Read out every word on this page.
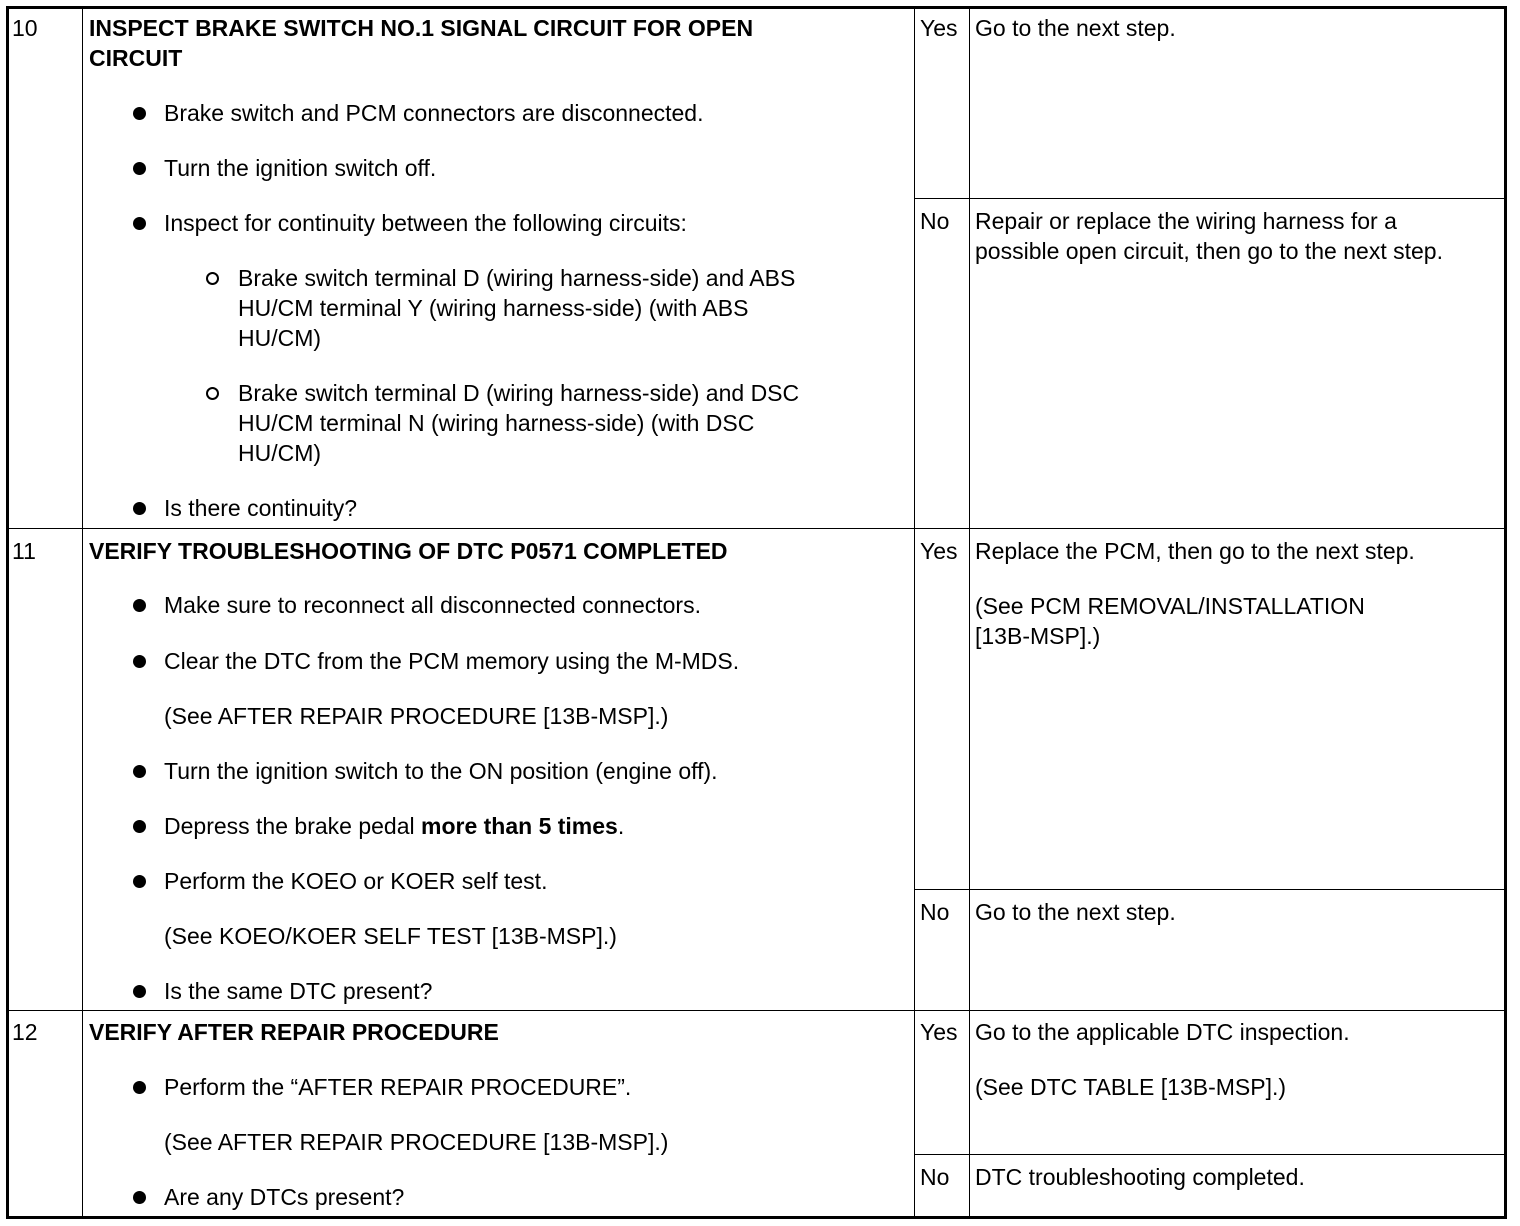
10 INSPECT BRAKE SWITCH NO.1 SIGNAL CIRCUIT FOR OPEN
CIRCUIT
Brake switch and PCM connectors are disconnected.
Turn the ignition switch off.
Inspect for continuity between the following circuits:
Brake switch terminal D (wiring harness-side) and ABS
HU/CM terminal Y (wiring harness-side) (with ABS
HU/CM)
Brake switch terminal D (wiring harness-side) and DSC
HU/CM terminal N (wiring harness-side) (with DSC
HU/CM)
Is there continuity?
Yes Go to the next step.
No Repair or replace the wiring harness for a
possible open circuit, then go to the next step.
11 VERIFY TROUBLESHOOTING OF DTC P0571 COMPLETED
Make sure to reconnect all disconnected connectors.
Clear the DTC from the PCM memory using the M-MDS.
(See AFTER REPAIR PROCEDURE [13B-MSP].)
Turn the ignition switch to the ON position (engine off).
Depress the brake pedal more than 5 times.
Perform the KOEO or KOER self test.
(See KOEO/KOER SELF TEST [13B-MSP].)
Is the same DTC present?
Yes Replace the PCM, then go to the next step.
(See PCM REMOVAL/INSTALLATION
[13B-MSP].)
No Go to the next step.
12 VERIFY AFTER REPAIR PROCEDURE
Perform the “AFTER REPAIR PROCEDURE”.
(See AFTER REPAIR PROCEDURE [13B-MSP].)
Are any DTCs present?
Yes Go to the applicable DTC inspection.
(See DTC TABLE [13B-MSP].)
No DTC troubleshooting completed.
